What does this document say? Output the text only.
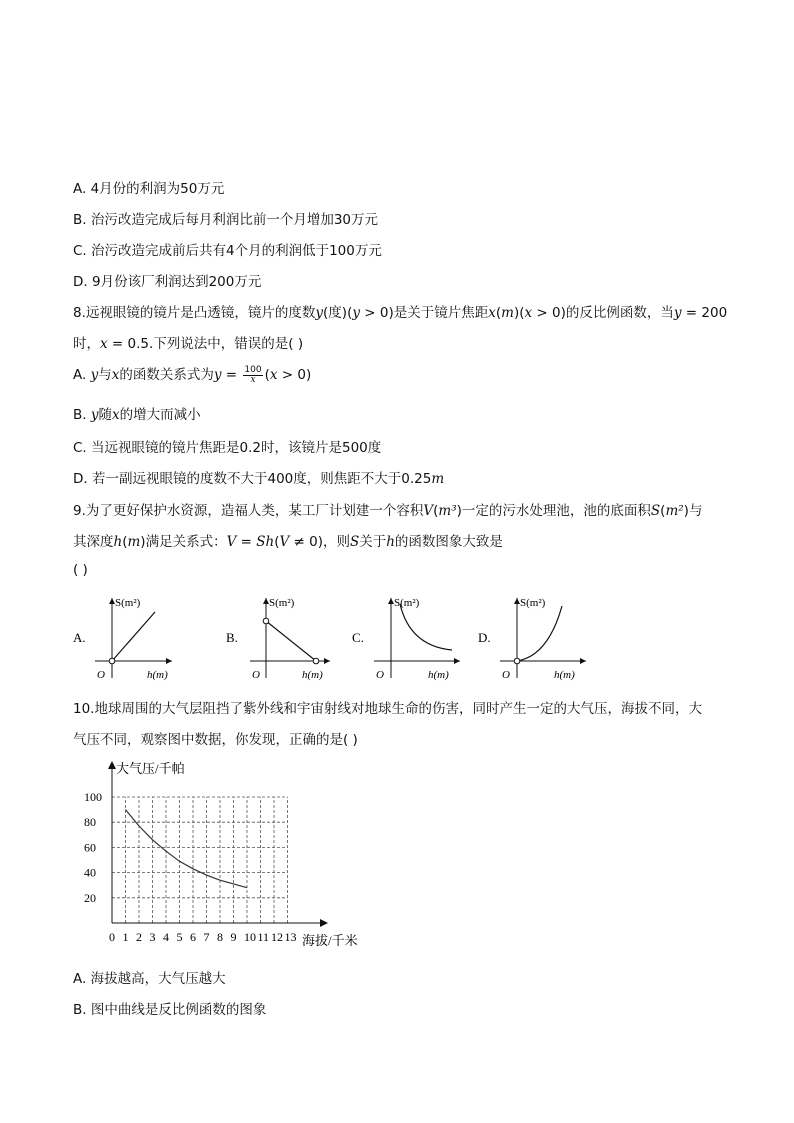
A. 4月份的利润为50万元
B. 治污改造完成后每月利润比前一个月增加30万元
C. 治污改造完成前后共有4个月的利润低于100万元
D. 9月份该厂利润达到200万元
8.远视眼镜的镜片是凸透镜，镜片的度数y(度)(y > 0)是关于镜片焦距x(m)(x > 0)的反比例函数，当y = 200
时，x = 0.5.下列说法中，错误的是( )
A. y与x的函数关系式为$y = \frac{100}{x} (x > 0)$
B. y随x的增大而减小
C. 当远视眼镜的镜片焦距是0.2时，该镜片是500度
D. 若一副远视眼镜的度数不大于400度，则焦距不大于0.25m
9.为了更好保护水资源，造福人类，某工厂计划建一个容积V(m³)一定的污水处理池，池的底面积S(m²)与
其深度h(m)满足关系式：V = Sh(V ≠ 0)，则S关于h的函数图象大致是
( )
A.
S(m²)
h(m)
O
B.
S(m²)
h(m)
O
C.
S(m²)
h(m)
O
D.
S(m²)
h(m)
O
10.地球周围的大气层阻挡了紫外线和宇宙射线对地球生命的伤害，同时产生一定的大气压，海拔不同，大
气压不同，观察图中数据，你发现，正确的是( )
大气压/千帕
海拔/千米
0 1 2 3 4 5 6 7 8 9 10 11 12 13
20
40
60
80
100
A. 海拔越高，大气压越大
B. 图中曲线是反比例函数的图象
